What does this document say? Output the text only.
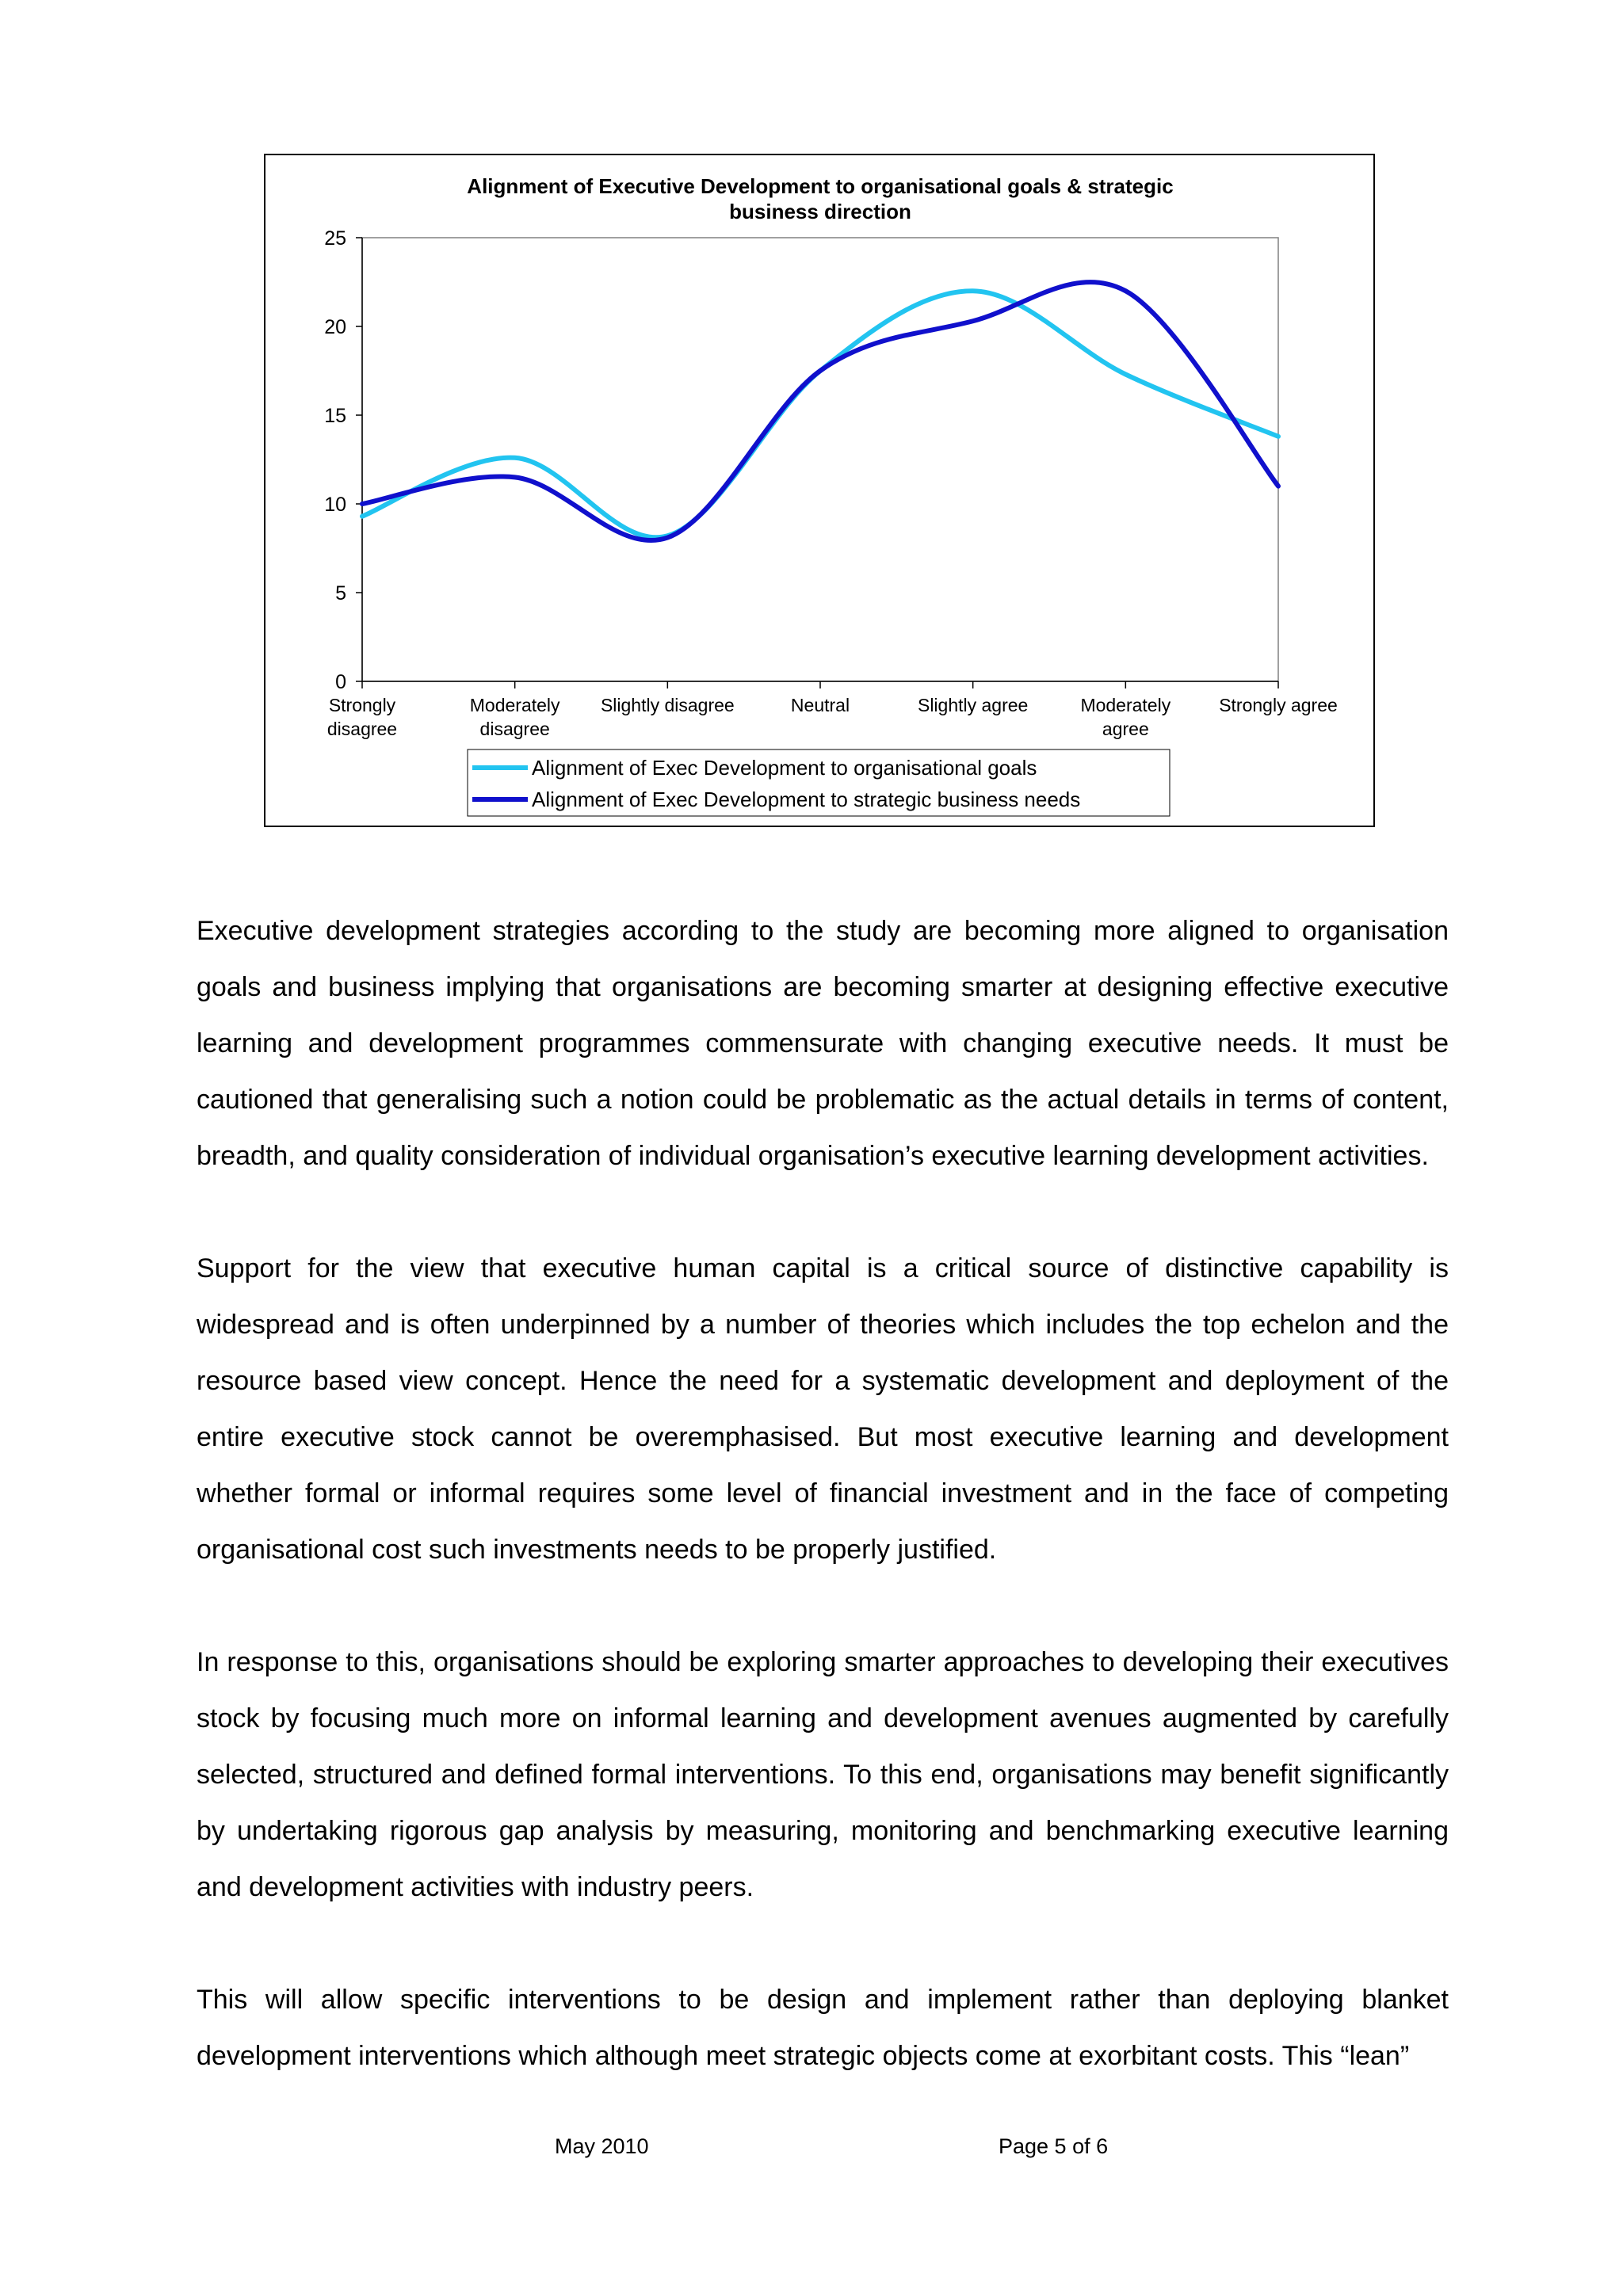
Alignment of Executive Development to organisational goals & strategic business direction
0
5
10
15
20
25
Strongly disagree
Moderately disagree
Slightly disagree	Neutral	Slightly agree	Moderately agree
Strongly agree
Alignment of Exec Development to organisational goals
Alignment of Exec Development to strategic business needs

Executive development strategies according to the study are becoming more aligned to organisation goals and business implying that organisations are becoming smarter at designing effective executive learning and development programmes commensurate with changing executive needs. It must be cautioned that generalising such a notion could be problematic as the actual details in terms of content, breadth, and quality consideration of individual organisation’s executive learning development activities.

Support for the view that executive human capital is a critical source of distinctive capability is widespread and is often underpinned by a number of theories which includes the top echelon and the resource based view concept. Hence the need for a systematic development and deployment of the entire executive stock cannot be overemphasised. But most executive learning and development whether formal or informal requires some level of financial investment and in the face of competing organisational cost such investments needs to be properly justified.

In response to this, organisations should be exploring smarter approaches to developing their executives stock by focusing much more on informal learning and development avenues augmented by carefully selected, structured and defined formal interventions. To this end, organisations may benefit significantly by undertaking rigorous gap analysis by measuring, monitoring and benchmarking executive learning and development activities with industry peers.

This will allow specific interventions to be design and implement rather than deploying blanket development interventions which although meet strategic objects come at exorbitant costs. This “lean”

May 2010	Page 5 of 6
